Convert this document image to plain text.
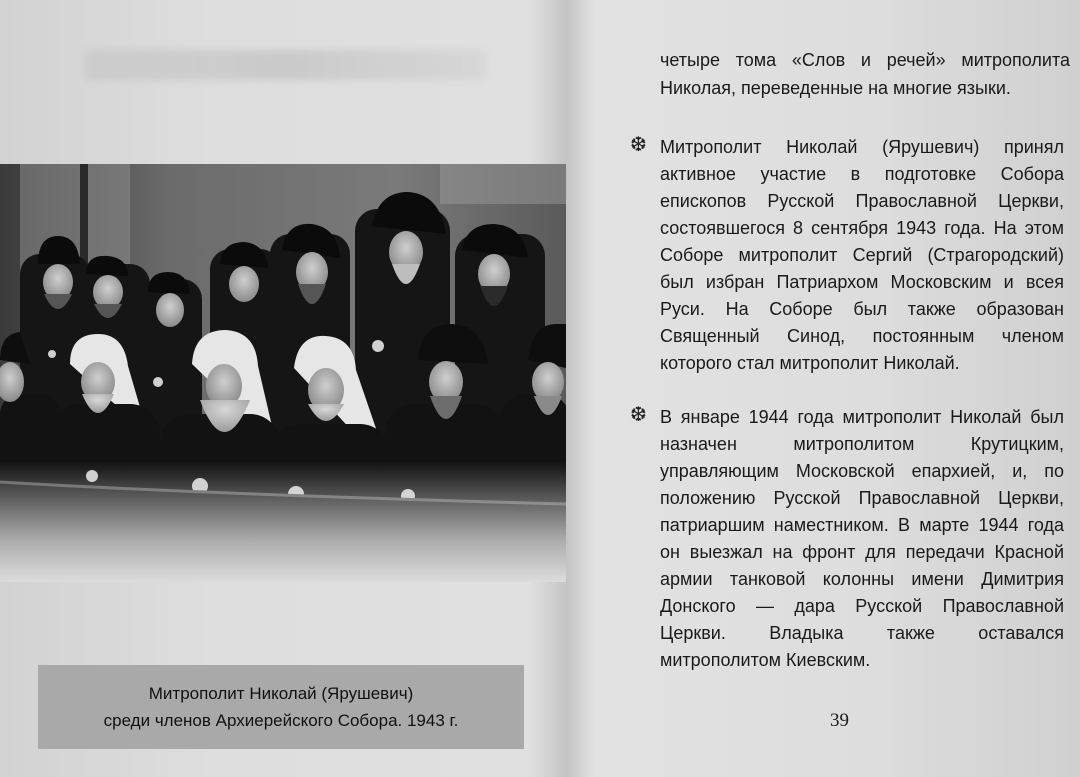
Митрополит Николай (Ярушевич)
среди членов Архиерейского Собора. 1943 г.
четыре тома «Слов и речей» митрополита Николая, переведенные на многие языки.
❆ Митрополит Николай (Ярушевич) принял активное участие в подготовке Собора епископов Русской Православной Церкви, состоявшегося 8 сентября 1943 года. На этом Соборе митрополит Сергий (Страгородский) был избран Патриархом Московским и всея Руси. На Соборе был также образован Священный Синод, постоянным членом которого стал митрополит Николай.

❆ В январе 1944 года митрополит Николай был назначен митрополитом Крутицким, управляющим Московской епархией, и, по положению Русской Православной Церкви, патриаршим наместником. В марте 1944 года он выезжал на фронт для передачи Красной армии танковой колонны имени Димитрия Донского — дара Русской Православной Церкви. Владыка также оставался митрополитом Киевским.

39
